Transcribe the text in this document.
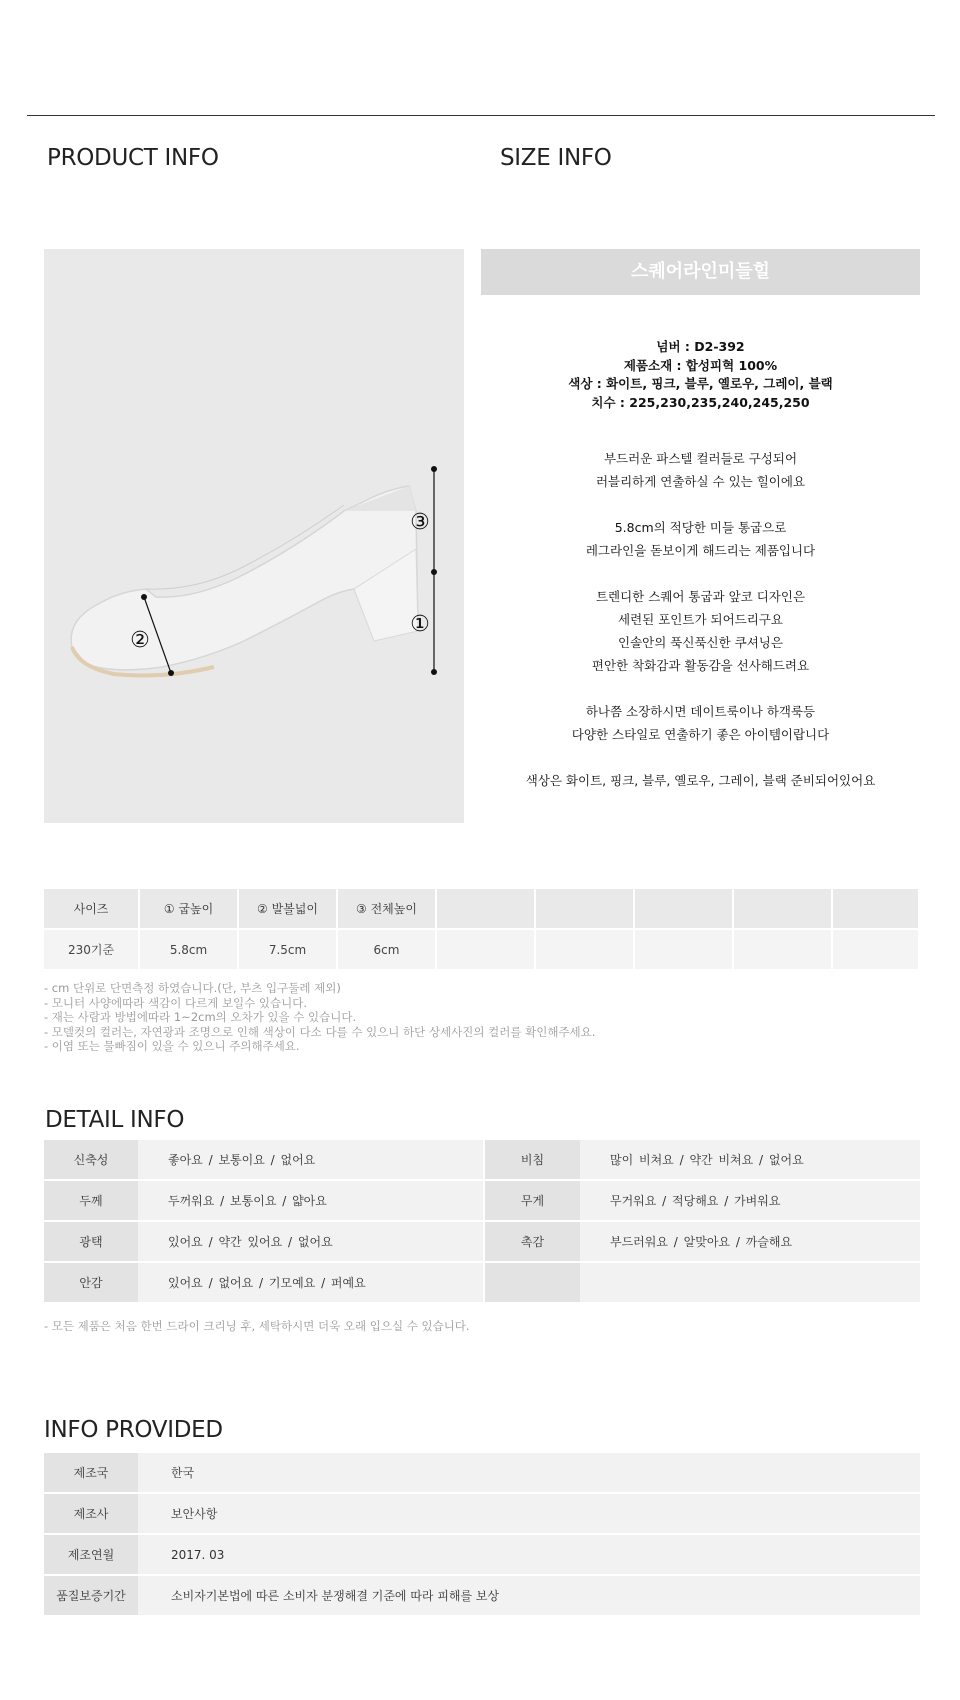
PRODUCT INFO	SIZE INFO
③
②
①
스퀘어라인미들힐
넘버 : D2-392
제품소재 : 합성피혁 100%
색상 : 화이트, 핑크, 블루, 옐로우, 그레이, 블랙
치수 : 225,230,235,240,245,250

부드러운 파스텔 컬러들로 구성되어
러블리하게 연출하실 수 있는 힐이에요

5.8cm의 적당한 미들 통굽으로
레그라인을 돋보이게 해드리는 제품입니다

트렌디한 스퀘어 통굽과 앞코 디자인은
세련된 포인트가 되어드리구요
인솔안의 푹신푹신한 쿠셔닝은
편안한 착화감과 활동감을 선사해드려요

하나쯤 소장하시면 데이트룩이나 하객룩등
다양한 스타일로 연출하기 좋은 아이템이랍니다

색상은 화이트, 핑크, 블루, 옐로우, 그레이, 블랙 준비되어있어요

사이즈	① 굽높이	② 발볼넓이	③ 전체높이					
230기준	5.8cm	7.5cm	6cm					
- cm 단위로 단면측정 하였습니다.(단, 부츠 입구둘레 제외)
- 모니터 사양에따라 색감이 다르게 보일수 있습니다.
- 재는 사람과 방법에따라 1~2cm의 오차가 있을 수 있습니다.
- 모델컷의 컬러는, 자연광과 조명으로 인해 색상이 다소 다를 수 있으니 하단 상세사진의 컬러를 확인해주세요.
- 이염 또는 물빠짐이 있을 수 있으니 주의해주세요.
DETAIL INFO
신축성	좋아요 / 보통이요 / 없어요	비침	많이 비쳐요 / 약간 비쳐요 / 없어요
두께	두꺼워요 / 보통이요 / 얇아요	무게	무거워요 / 적당해요 / 가벼워요
광택	있어요 / 약간 있어요 / 없어요	촉감	부드러워요 / 알맞아요 / 까슬해요
안감	있어요 / 없어요 / 기모예요 / 퍼예요		
- 모든 제품은 처음 한번 드라이 크리닝 후, 세탁하시면 더욱 오래 입으실 수 있습니다.
INFO PROVIDED
제조국	한국
제조사	보안사항
제조연월	2017. 03
품질보증기간	소비자기본법에 따른 소비자 분쟁해결 기준에 따라 피해를 보상
